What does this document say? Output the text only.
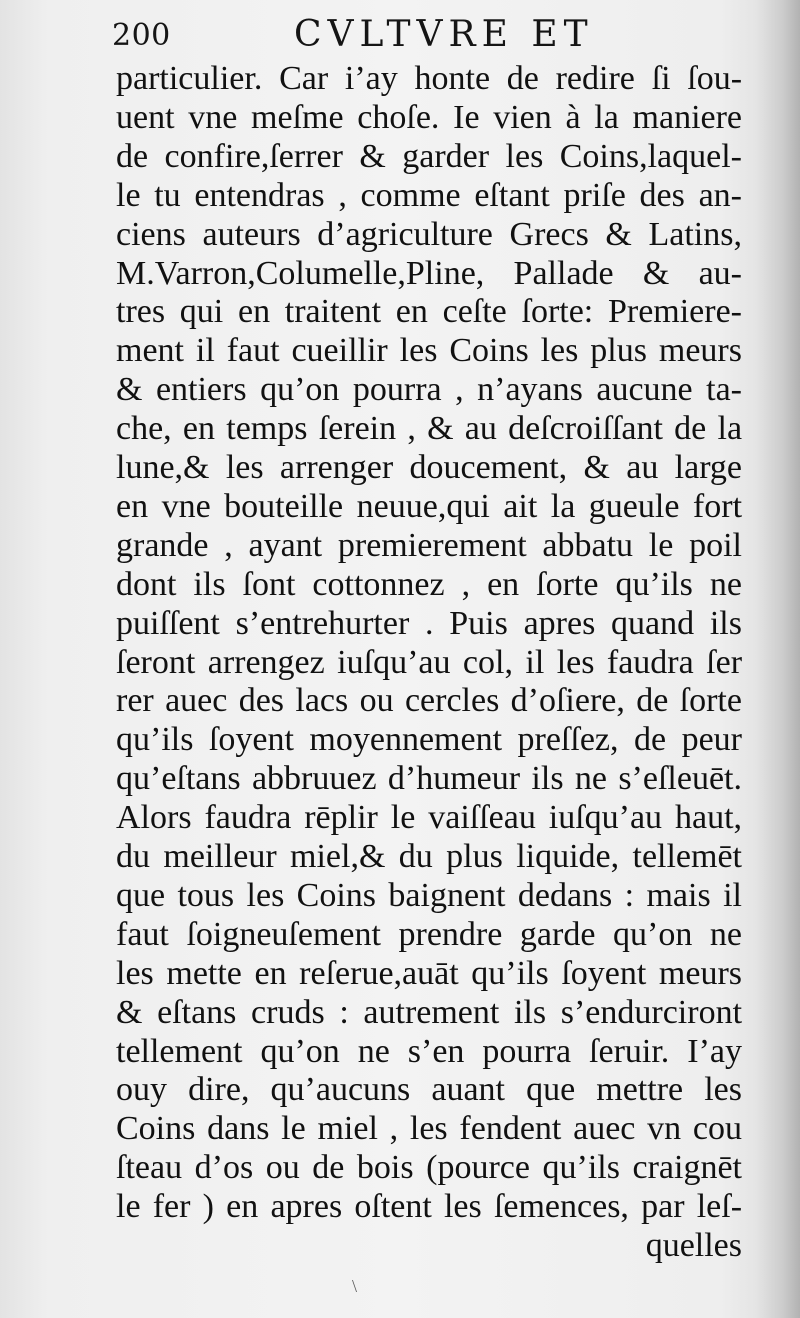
200	CVLTVRE ET
particulier. Car i’ay honte de redire ſi ſou-
uent vne meſme choſe. Ie vien à la maniere
de confire,ſerrer & garder les Coins,laquel-
le tu entendras , comme eſtant priſe des an-
ciens auteurs d’agriculture Grecs & Latins,
M.Varron,Columelle,Pline, Pallade & au-
tres qui en traitent en ceſte ſorte: Premiere-
ment il faut cueillir les Coins les plus meurs
& entiers qu’on pourra , n’ayans aucune ta-
che, en temps ſerein , & au deſcroiſſant de la
lune,& les arrenger doucement, & au large
en vne bouteille neuue,qui ait la gueule fort
grande , ayant premierement abbatu le poil
dont ils ſont cottonnez , en ſorte qu’ils ne
puiſſent s’entrehurter . Puis apres quand ils
ſeront arrengez iuſqu’au col, il les faudra ſer
rer auec des lacs ou cercles d’oſiere, de ſorte
qu’ils ſoyent moyennement preſſez, de peur
qu’eſtans abbruuez d’humeur ils ne s’eſleuēt.
Alors faudra rēplir le vaiſſeau iuſqu’au haut,
du meilleur miel,& du plus liquide, tellemēt
que tous les Coins baignent dedans : mais il
faut ſoigneuſement prendre garde qu’on ne
les mette en reſerue,auāt qu’ils ſoyent meurs
& eſtans cruds : autrement ils s’endurciront
tellement qu’on ne s’en pourra ſeruir. I’ay
ouy dire, qu’aucuns auant que mettre les
Coins dans le miel , les fendent auec vn cou
ſteau d’os ou de bois (pource qu’ils craignēt
le fer ) en apres oſtent les ſemences, par leſ-
quelles
\
